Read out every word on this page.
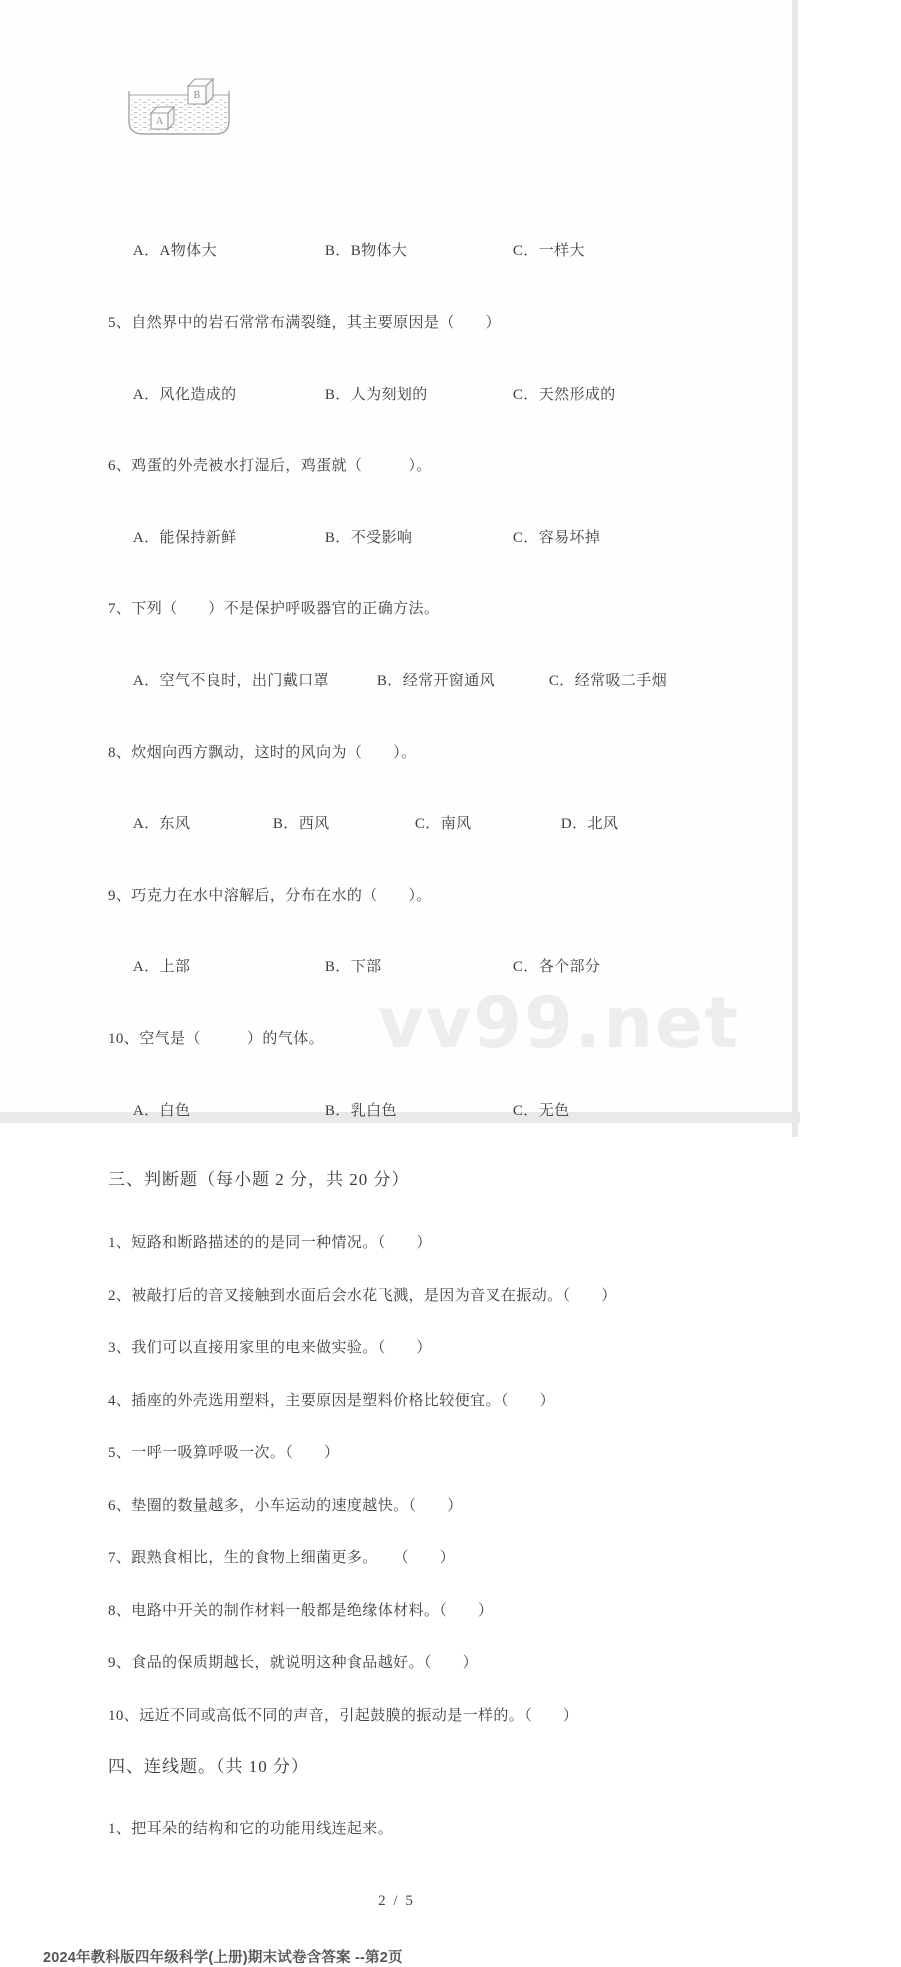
vv99.net
A
B

A．A物体大	B．B物体大	C．一样大

5、自然界中的岩石常常布满裂缝，其主要原因是（　　）

A．风化造成的	B．人为刻划的	C．天然形成的

6、鸡蛋的外壳被水打湿后，鸡蛋就（　　　）。

A．能保持新鲜	B．不受影响	C．容易坏掉

7、下列（　　）不是保护呼吸器官的正确方法。

A．空气不良时，出门戴口罩	B．经常开窗通风	C．经常吸二手烟

8、炊烟向西方飘动，这时的风向为（　　）。

A．东风	B．西风	C．南风	D．北风

9、巧克力在水中溶解后，分布在水的（　　）。

A．上部	B．下部	C．各个部分

10、空气是（　　　）的气体。

A．白色	B．乳白色	C．无色

三、判断题（每小题 2 分，共 20 分）
1、短路和断路描述的的是同一种情况。（　　）
2、被敲打后的音叉接触到水面后会水花飞溅，是因为音叉在振动。（　　）
3、我们可以直接用家里的电来做实验。（　　）
4、插座的外壳选用塑料，主要原因是塑料价格比较便宜。（　　）
5、一呼一吸算呼吸一次。（　　）
6、垫圈的数量越多，小车运动的速度越快。（　　）
7、跟熟食相比，生的食物上细菌更多。　　（　　）
8、电路中开关的制作材料一般都是绝缘体材料。（　　）
9、食品的保质期越长，就说明这种食品越好。（　　）
10、远近不同或高低不同的声音，引起鼓膜的振动是一样的。（　　）
四、连线题。（共 10 分）
1、把耳朵的结构和它的功能用线连起来。
2 / 5
2024年教科版四年级科学(上册)期末试卷含答案 --第2页
